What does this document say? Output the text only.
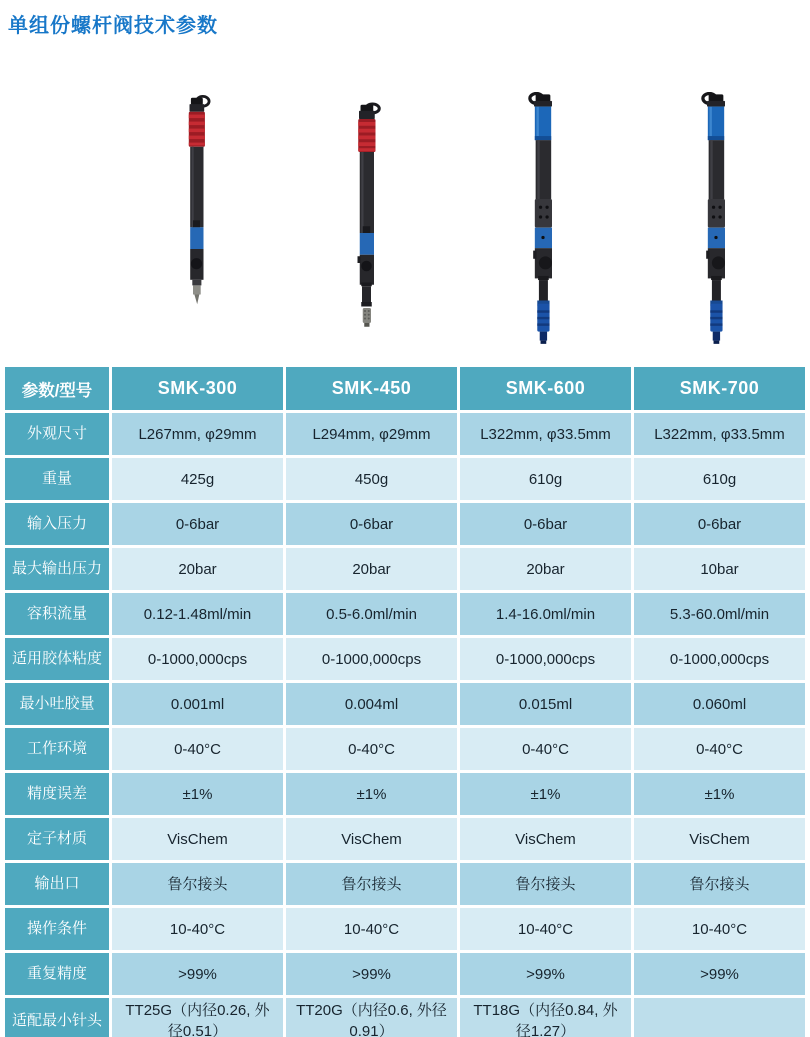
单组份螺杆阀技术参数
参数/型号	SMK-300	SMK-450	SMK-600	SMK-700
外观尺寸	L267mm, φ29mm	L294mm, φ29mm	L322mm, φ33.5mm	L322mm, φ33.5mm
重量	425g	450g	610g	610g
输入压力	0-6bar	0-6bar	0-6bar	0-6bar
最大输出压力	20bar	20bar	20bar	10bar
容积流量	0.12-1.48ml/min	0.5-6.0ml/min	1.4-16.0ml/min	5.3-60.0ml/min
适用胶体粘度	0-1000,000cps	0-1000,000cps	0-1000,000cps	0-1000,000cps
最小吐胶量	0.001ml	0.004ml	0.015ml	0.060ml
工作环境	0-40°C	0-40°C	0-40°C	0-40°C
精度误差	±1%	±1%	±1%	±1%
定子材质	VisChem	VisChem	VisChem	VisChem
输出口	鲁尔接头	鲁尔接头	鲁尔接头	鲁尔接头
操作条件	10-40°C	10-40°C	10-40°C	10-40°C
重复精度	>99%	>99%	>99%	>99%
适配最小针头	TT25G（内径0.26, 外径0.51）	TT20G（内径0.6, 外径0.91）	TT18G（内径0.84, 外径1.27）	
